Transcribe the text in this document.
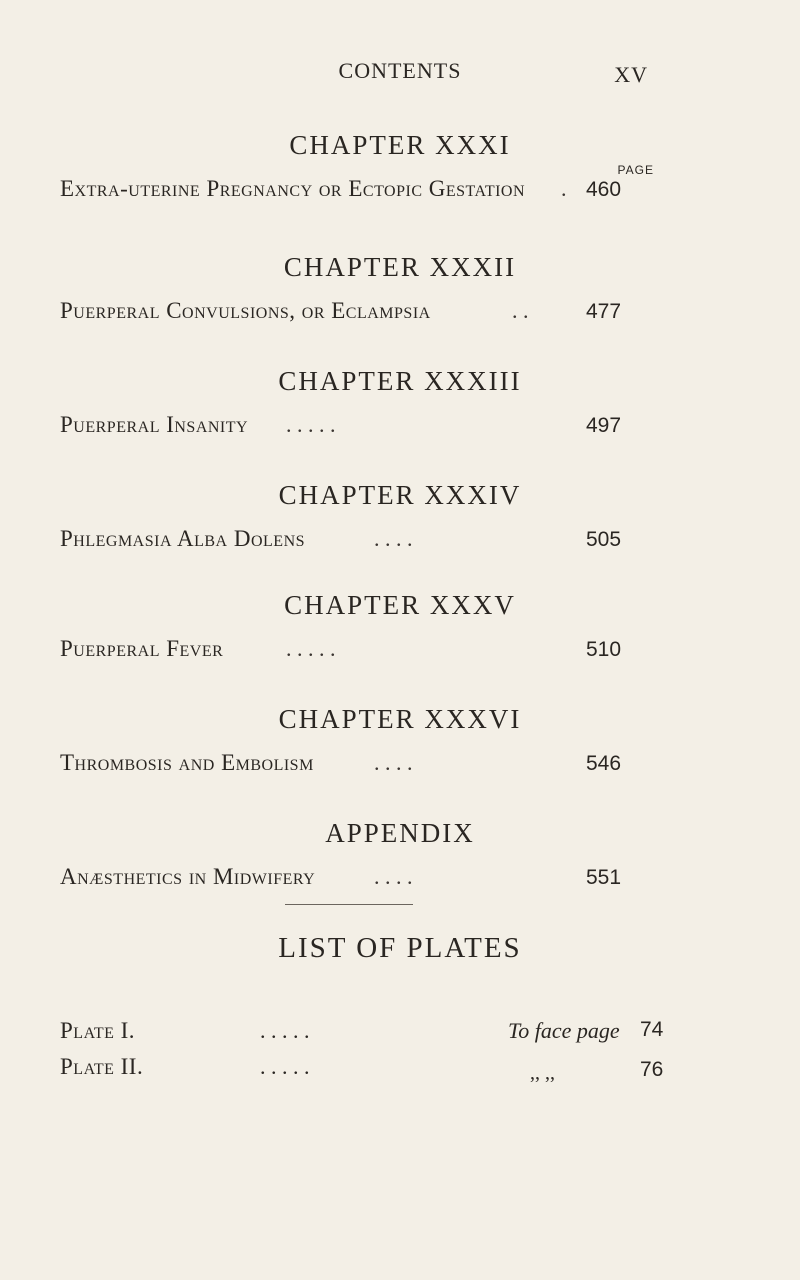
CONTENTS	XV
PAGE
CHAPTER XXXI
Extra-uterine Pregnancy or Ectopic Gestation	. 460
CHAPTER XXXII
Puerperal Convulsions, or Eclampsia	. .	477
CHAPTER XXXIII
Puerperal Insanity	. . . . .	497
CHAPTER XXXIV
Phlegmasia Alba Dolens	. . . .	505
CHAPTER XXXV
Puerperal Fever	. . . . .	510
CHAPTER XXXVI
Thrombosis and Embolism	. . . .	546
APPENDIX
Anæsthetics in Midwifery	. . . .	551
LIST OF PLATES
Plate I.	. . . . .	To face page 74
Plate II.	. . . . .	,, ,,	76
